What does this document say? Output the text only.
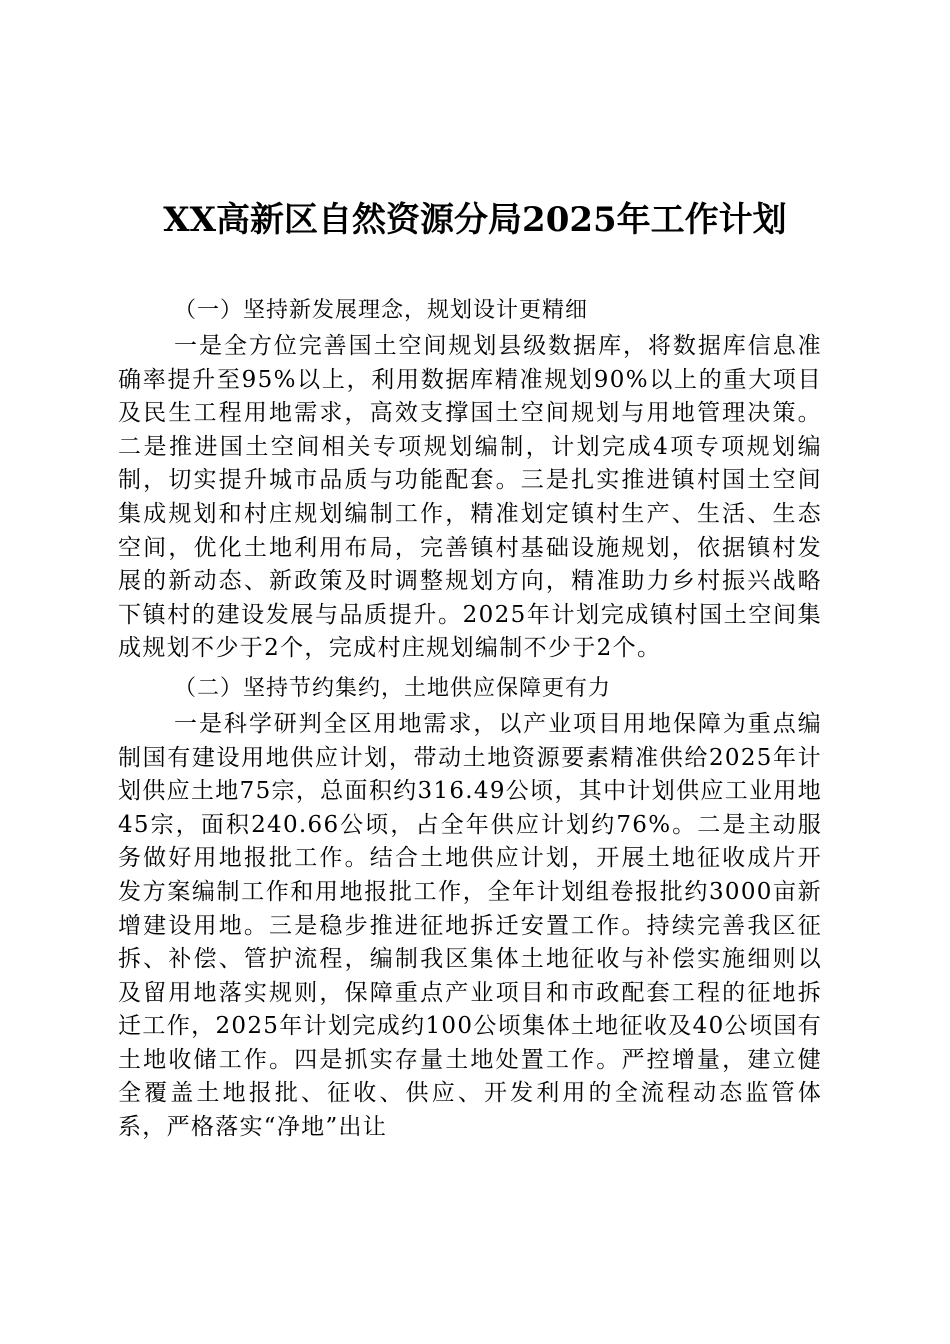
XX高新区自然资源分局2025年工作计划
（一）坚持新发展理念，规划设计更精细

一是全方位完善国土空间规划县级数据库，将数据库信息准确率提升至95%以上，利用数据库精准规划90%以上的重大项目及民生工程用地需求，高效支撑国土空间规划与用地管理决策。二是推进国土空间相关专项规划编制，计划完成4项专项规划编制，切实提升城市品质与功能配套。三是扎实推进镇村国土空间集成规划和村庄规划编制工作，精准划定镇村生产、生活、生态空间，优化土地利用布局，完善镇村基础设施规划，依据镇村发展的新动态、新政策及时调整规划方向，精准助力乡村振兴战略下镇村的建设发展与品质提升。2025年计划完成镇村国土空间集成规划不少于2个，完成村庄规划编制不少于2个。

（二）坚持节约集约，土地供应保障更有力

一是科学研判全区用地需求，以产业项目用地保障为重点编制国有建设用地供应计划，带动土地资源要素精准供给2025年计划供应土地75宗，总面积约316.49公顷，其中计划供应工业用地45宗，面积240.66公顷，占全年供应计划约76%。二是主动服务做好用地报批工作。结合土地供应计划，开展土地征收成片开发方案编制工作和用地报批工作，全年计划组卷报批约3000亩新增建设用地。三是稳步推进征地拆迁安置工作。持续完善我区征拆、补偿、管护流程，编制我区集体土地征收与补偿实施细则以及留用地落实规则，保障重点产业项目和市政配套工程的征地拆迁工作，2025年计划完成约100公顷集体土地征收及40公顷国有土地收储工作。四是抓实存量土地处置工作。严控增量，建立健全覆盖土地报批、征收、供应、开发利用的全流程动态监管体系，严格落实“净地”出让
